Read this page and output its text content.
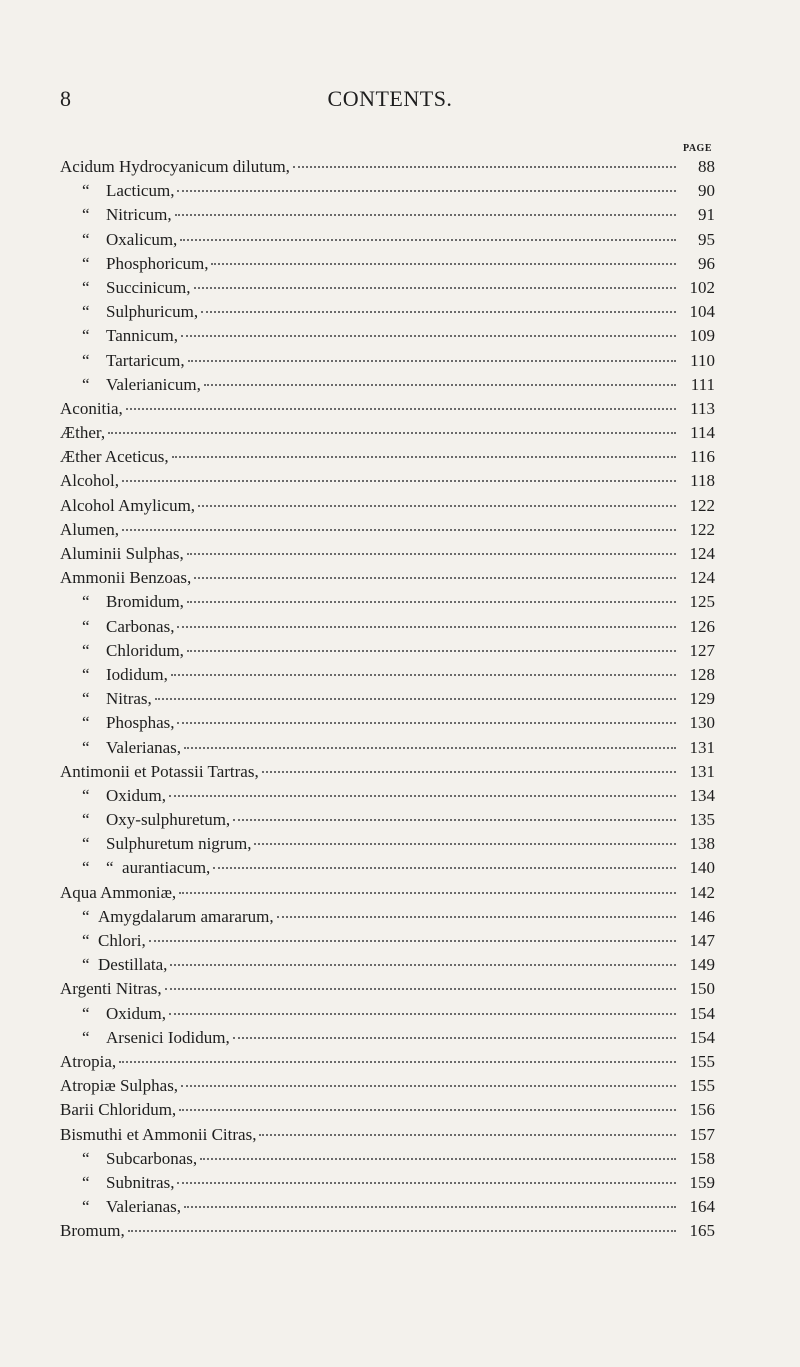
8	CONTENTS.
PAGE
Acidum Hydrocyanicum dilutum,	88
“ Lacticum,	90
“ Nitricum,	91
“ Oxalicum,	95
“ Phosphoricum,	96
“ Succinicum,	102
“ Sulphuricum,	104
“ Tannicum,	109
“ Tartaricum,	110
“ Valerianicum,	111
Aconitia,	113
Æther,	114
Æther Aceticus,	116
Alcohol,	118
Alcohol Amylicum,	122
Alumen,	122
Aluminii Sulphas,	124
Ammonii Benzoas,	124
“ Bromidum,	125
“ Carbonas,	126
“ Chloridum,	127
“ Iodidum,	128
“ Nitras,	129
“ Phosphas,	130
“ Valerianas,	131
Antimonii et Potassii Tartras,	131
“ Oxidum,	134
“ Oxy-sulphuretum,	135
“ Sulphuretum nigrum,	138
“ “  aurantiacum,	140
Aqua Ammoniæ,	142
“ Amygdalarum amararum,	146
“ Chlori,	147
“ Destillata,	149
Argenti Nitras,	150
“ Oxidum,	154
“ Arsenici Iodidum,	154
Atropia,	155
Atropiæ Sulphas,	155
Barii Chloridum,	156
Bismuthi et Ammonii Citras,	157
“ Subcarbonas,	158
“ Subnitras,	159
“ Valerianas,	164
Bromum,	165
